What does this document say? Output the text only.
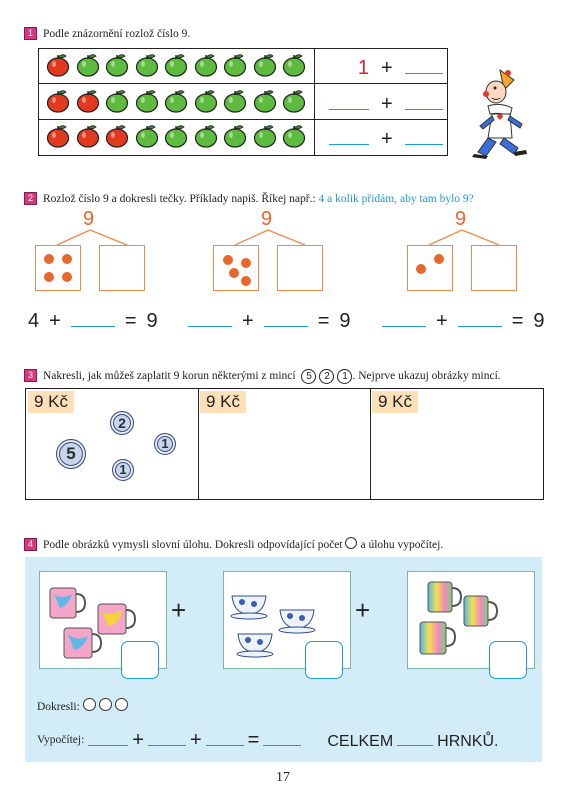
1 Podle znázornění rozlož číslo 9.
1 +
+
+
2 Rozlož číslo 9 a dokresli tečky. Příklady napiš. Říkej např.: 4 a kolik přidám, aby tam bylo 9?
9	9	9
4 +	= 9	+	= 9	+	= 9
3 Nakresli, jak můžeš zaplatit 9 korun některými z mincí 5 2 1 . Nejprve ukazuj obrázky mincí.
9 Kč	9 Kč	9 Kč
2
1
5
1
4 Podle obrázků vymysli slovní úlohu. Dokresli odpovídající počet a úlohu vypočítej.
+	+
Dokresli:
Vypočítej: + + =	CELKEM	HRNKŮ.
17
